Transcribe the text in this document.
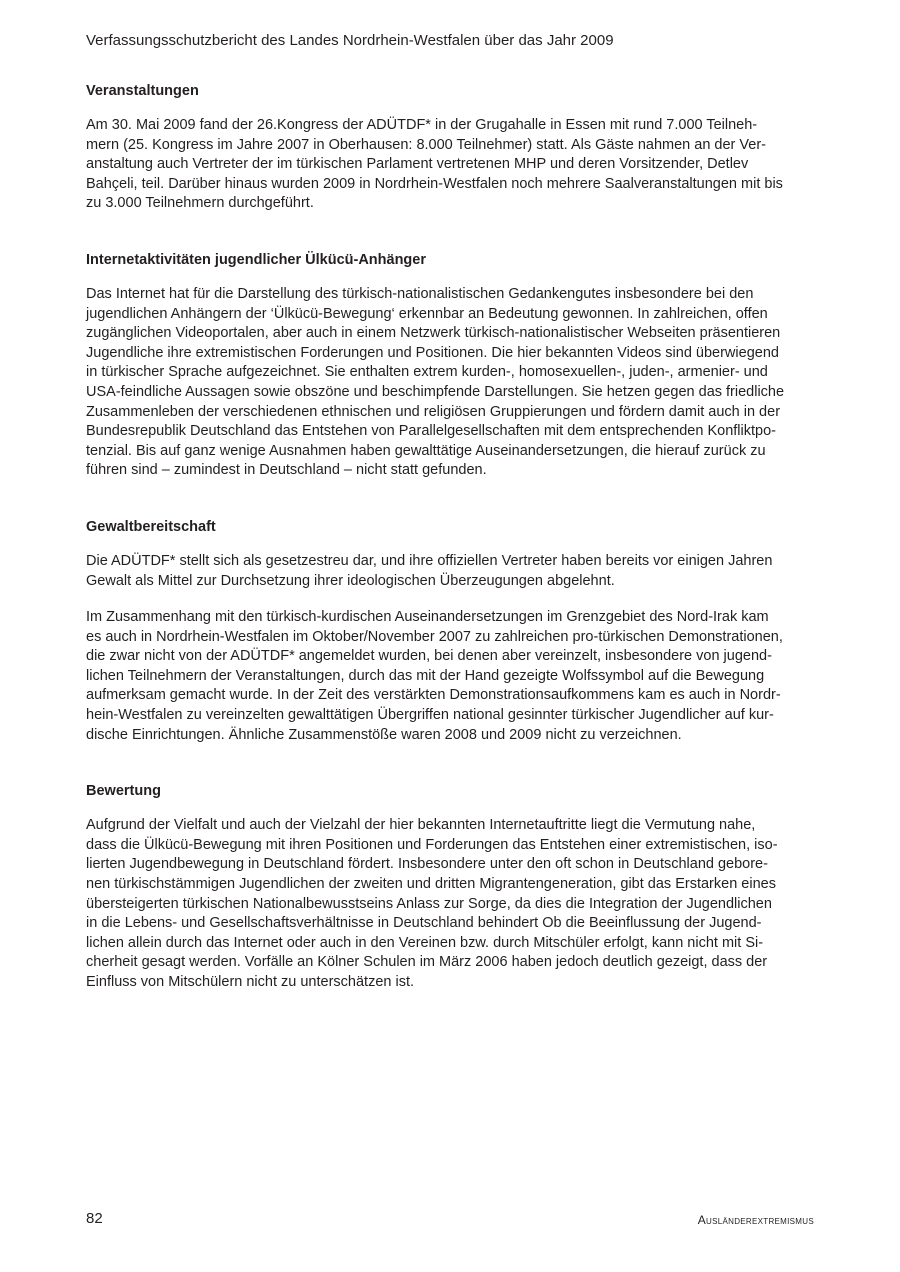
Verfassungsschutzbericht des Landes Nordrhein-Westfalen über das Jahr 2009
Veranstaltungen

Am 30. Mai 2009 fand der 26.Kongress der ADÜTDF* in der Grugahalle in Essen mit rund 7.000 Teilneh-
mern (25. Kongress im Jahre 2007 in Oberhausen: 8.000 Teilnehmer) statt. Als Gäste nahmen an der Ver-
anstaltung auch Vertreter der im türkischen Parlament vertretenen MHP und deren Vorsitzender, Detlev
Bahçeli, teil. Darüber hinaus wurden 2009 in Nordrhein-Westfalen noch mehrere Saalveranstaltungen mit bis
zu 3.000 Teilnehmern durchgeführt.

Internetaktivitäten jugendlicher Ülkücü-Anhänger

Das Internet hat für die Darstellung des türkisch-nationalistischen Gedankengutes insbesondere bei den
jugendlichen Anhängern der ‘Ülkücü-Bewegung‘ erkennbar an Bedeutung gewonnen. In zahlreichen, offen
zugänglichen Videoportalen, aber auch in einem Netzwerk türkisch-nationalistischer Webseiten präsentieren
Jugendliche ihre extremistischen Forderungen und Positionen. Die hier bekannten Videos sind überwiegend
in türkischer Sprache aufgezeichnet. Sie enthalten extrem kurden-, homosexuellen-, juden-, armenier- und
USA-feindliche Aussagen sowie obszöne und beschimpfende Darstellungen. Sie hetzen gegen das friedliche
Zusammenleben der verschiedenen ethnischen und religiösen Gruppierungen und fördern damit auch in der
Bundesrepublik Deutschland das Entstehen von Parallelgesellschaften mit dem entsprechenden Konfliktpo-
tenzial. Bis auf ganz wenige Ausnahmen haben gewalttätige Auseinandersetzungen, die hierauf zurück zu
führen sind – zumindest in Deutschland – nicht statt gefunden.

Gewaltbereitschaft

Die ADÜTDF* stellt sich als gesetzestreu dar, und ihre offiziellen Vertreter haben bereits vor einigen Jahren
Gewalt als Mittel zur Durchsetzung ihrer ideologischen Überzeugungen abgelehnt.

Im Zusammenhang mit den türkisch-kurdischen Auseinandersetzungen im Grenzgebiet des Nord-Irak kam
es auch in Nordrhein-Westfalen im Oktober/November 2007 zu zahlreichen pro-türkischen Demonstrationen,
die zwar nicht von der ADÜTDF* angemeldet wurden, bei denen aber vereinzelt, insbesondere von jugend-
lichen Teilnehmern der Veranstaltungen, durch das mit der Hand gezeigte Wolfssymbol auf die Bewegung
aufmerksam gemacht wurde. In der Zeit des verstärkten Demonstrationsaufkommens kam es auch in Nordr-
hein-Westfalen zu vereinzelten gewalttätigen Übergriffen national gesinnter türkischer Jugendlicher auf kur-
dische Einrichtungen. Ähnliche Zusammenstöße waren 2008 und 2009 nicht zu verzeichnen.

Bewertung

Aufgrund der Vielfalt und auch der Vielzahl der hier bekannten Internetauftritte liegt die Vermutung nahe,
dass die Ülkücü-Bewegung mit ihren Positionen und Forderungen das Entstehen einer extremistischen, iso-
lierten Jugendbewegung in Deutschland fördert. Insbesondere unter den oft schon in Deutschland gebore-
nen türkischstämmigen Jugendlichen der zweiten und dritten Migrantengeneration, gibt das Erstarken eines
übersteigerten türkischen Nationalbewusstseins Anlass zur Sorge, da dies die Integration der Jugendlichen
in die Lebens- und Gesellschaftsverhältnisse in Deutschland behindert Ob die Beeinflussung der Jugend-
lichen allein durch das Internet oder auch in den Vereinen bzw. durch Mitschüler erfolgt, kann nicht mit Si-
cherheit gesagt werden. Vorfälle an Kölner Schulen im März 2006 haben jedoch deutlich gezeigt, dass der
Einfluss von Mitschülern nicht zu unterschätzen ist.

82	ausländerextremismus
